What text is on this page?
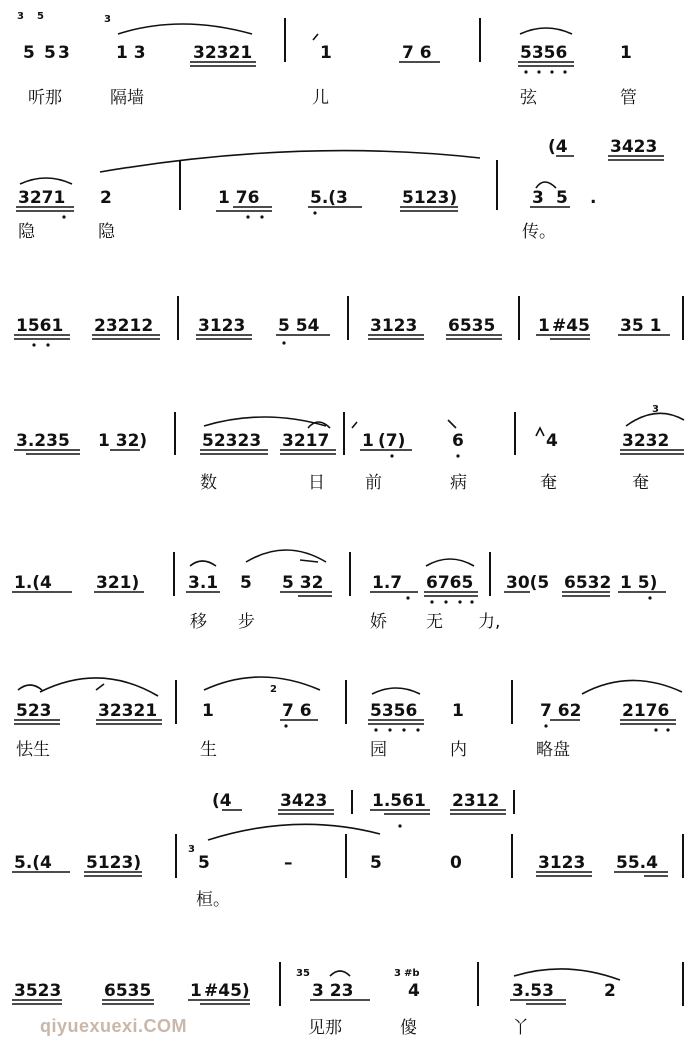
3 5
5 5 3
3
1 3	32321	1	7 6	5356	1
听那	隔墙	儿	弦	管
(4 3423
3271 2	1 76	5.(3	5123)	3 5 .
隐	隐	传。
1561 23212	3123 5 54	3123 6535	1 #45 35 1
3.235 1 32)	52323 3217 1 (7)	6	4
3
3232
数	日 前	病	奄	奄
1.(4	321)	3.1 5 5 32	1.7 6765 30(5 6532 1 5)
移 步	娇 无 力,
523	32321	1
2
7 6	5356 1	7 62 2176
怯生	生	园	内	略盘
(4	3423	1.561 2312
5.(4 5123)
3
5	–	5	0	3123 55.4
桓。
3523	6535 1 #45)
35
3 23
3 #b
4	3.53	2
见那	傻	丫
qiyuexuexi.COM
